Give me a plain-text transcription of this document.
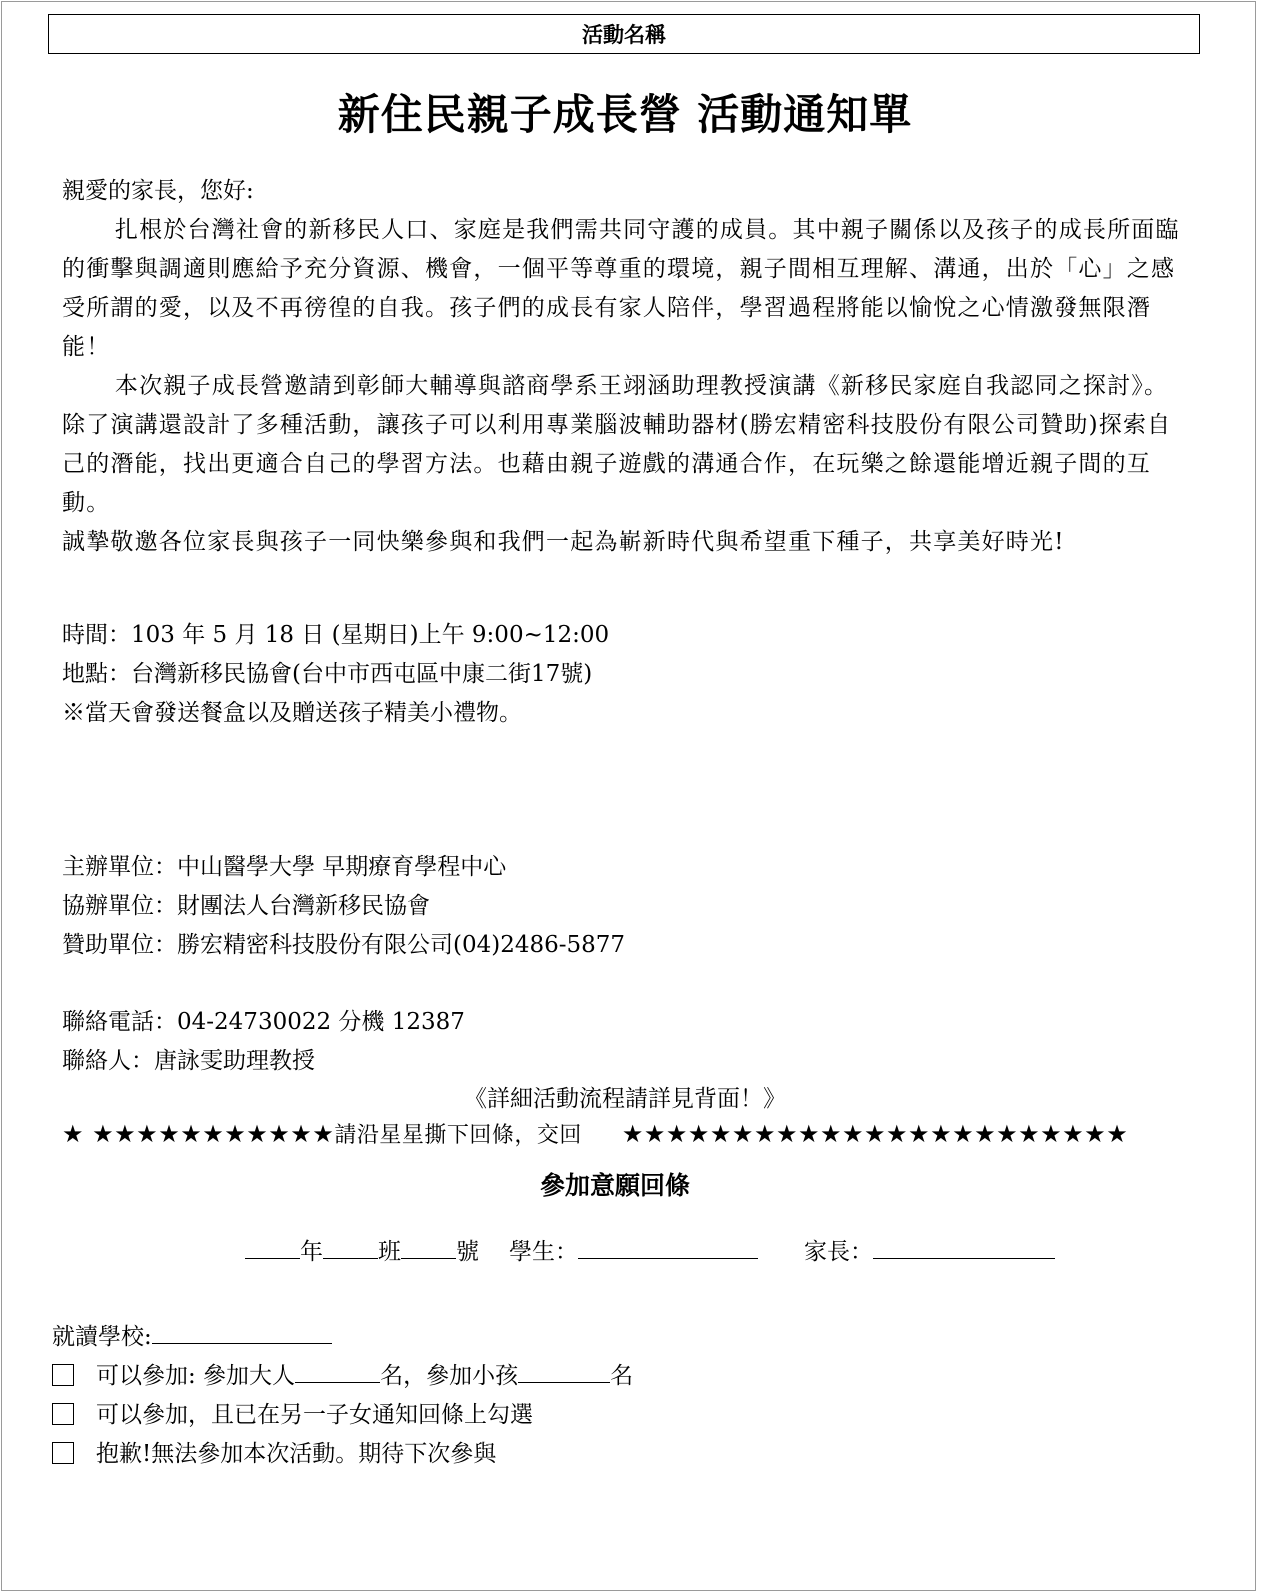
活動名稱
新住民親子成長營 活動通知單

親愛的家長，您好:

扎根於台灣社會的新移民人口、家庭是我們需共同守護的成員。其中親子關係以及孩子的成長所面臨的衝擊與調適則應給予充分資源、機會，一個平等尊重的環境，親子間相互理解、溝通，出於「心」之感受所謂的愛，以及不再徬徨的自我。孩子們的成長有家人陪伴，學習過程將能以愉悅之心情激發無限潛能！

本次親子成長營邀請到彰師大輔導與諮商學系王翊涵助理教授演講《新移民家庭自我認同之探討》。除了演講還設計了多種活動，讓孩子可以利用專業腦波輔助器材(勝宏精密科技股份有限公司贊助)探索自己的潛能，找出更適合自己的學習方法。也藉由親子遊戲的溝通合作，在玩樂之餘還能增近親子間的互動。

誠摯敬邀各位家長與孩子一同快樂參與和我們一起為嶄新時代與希望重下種子，共享美好時光!

時間：103 年 5 月 18 日 (星期日)上午 9:00~12:00
地點：台灣新移民協會(台中市西屯區中康二街17號)
※當天會發送餐盒以及贈送孩子精美小禮物。
主辦單位：中山醫學大學 早期療育學程中心
協辦單位：財團法人台灣新移民協會
贊助單位：勝宏精密科技股份有限公司(04)2486-5877
聯絡電話：04-24730022 分機 12387
聯絡人：唐詠雯助理教授
《詳細活動流程請詳見背面！》
★ ★★★★★★★★★★★請沿星星撕下回條，交回 ★★★★★★★★★★★★★★★★★★★★★★★
參加意願回條
年 班 號 學生：	家長：
就讀學校:
可以參加: 參加大人	名，參加小孩	名
可以參加，且已在另一子女通知回條上勾選
抱歉!無法參加本次活動。期待下次參與
